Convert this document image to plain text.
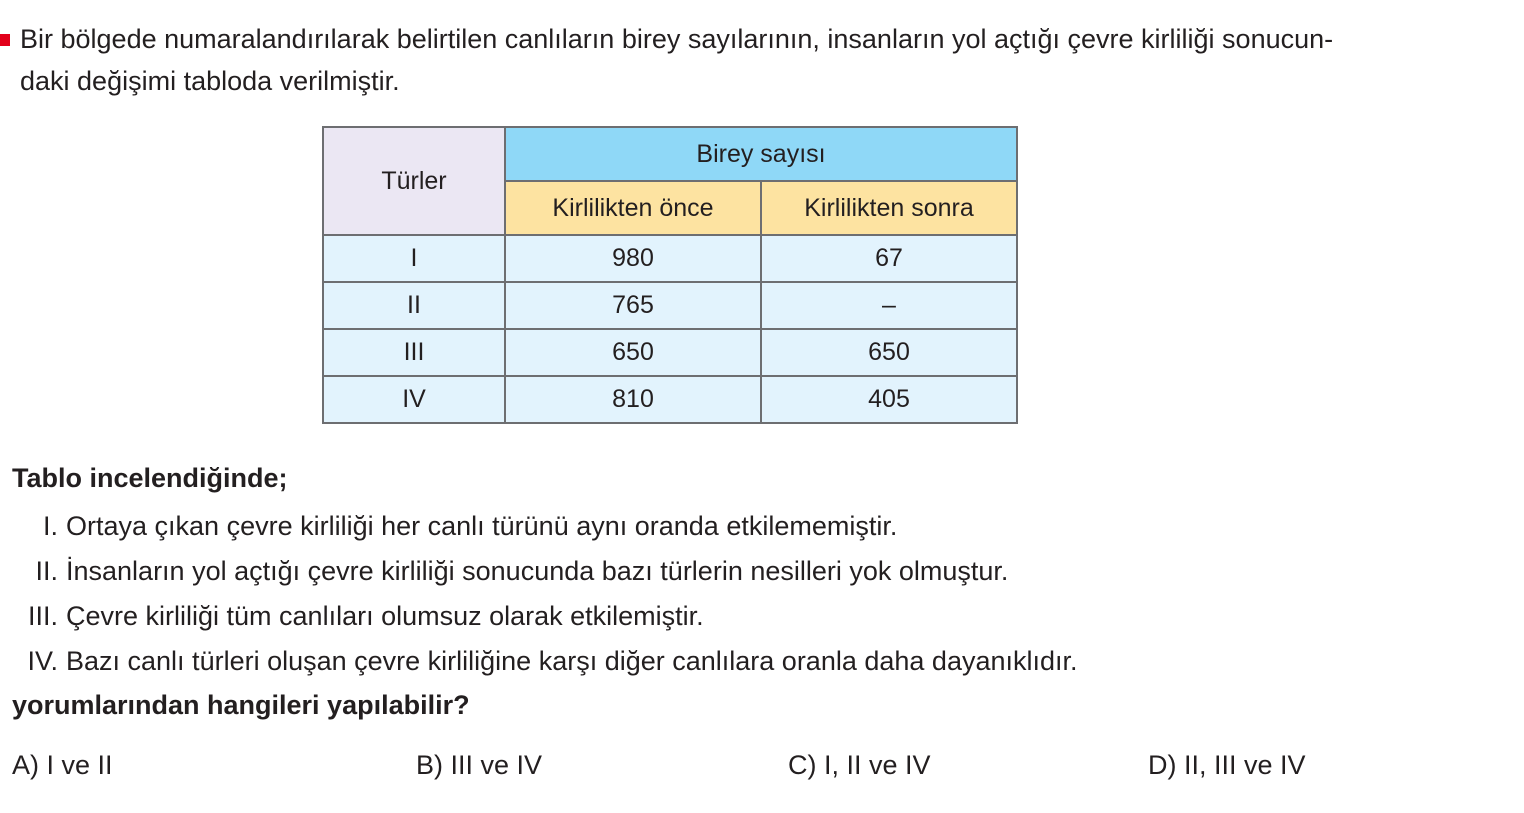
Bir bölgede numaralandırılarak belirtilen canlıların birey sayılarının, insanların yol açtığı çevre kirliliği sonucun-
daki değişimi tabloda verilmiştir.

Türler	Birey sayısı	
	Kirlilikten önce	Kirlilikten sonra
I	980	67
II	765	–
III	650	650
IV	810	405

Tablo incelendiğinde;

I. Ortaya çıkan çevre kirliliği her canlı türünü aynı oranda etkilememiştir.
II. İnsanların yol açtığı çevre kirliliği sonucunda bazı türlerin nesilleri yok olmuştur.
III. Çevre kirliliği tüm canlıları olumsuz olarak etkilemiştir.
IV. Bazı canlı türleri oluşan çevre kirliliğine karşı diğer canlılara oranla daha dayanıklıdır.

yorumlarından hangileri yapılabilir?

A) I ve II	B) III ve IV	C) I, II ve IV	D) II, III ve IV
